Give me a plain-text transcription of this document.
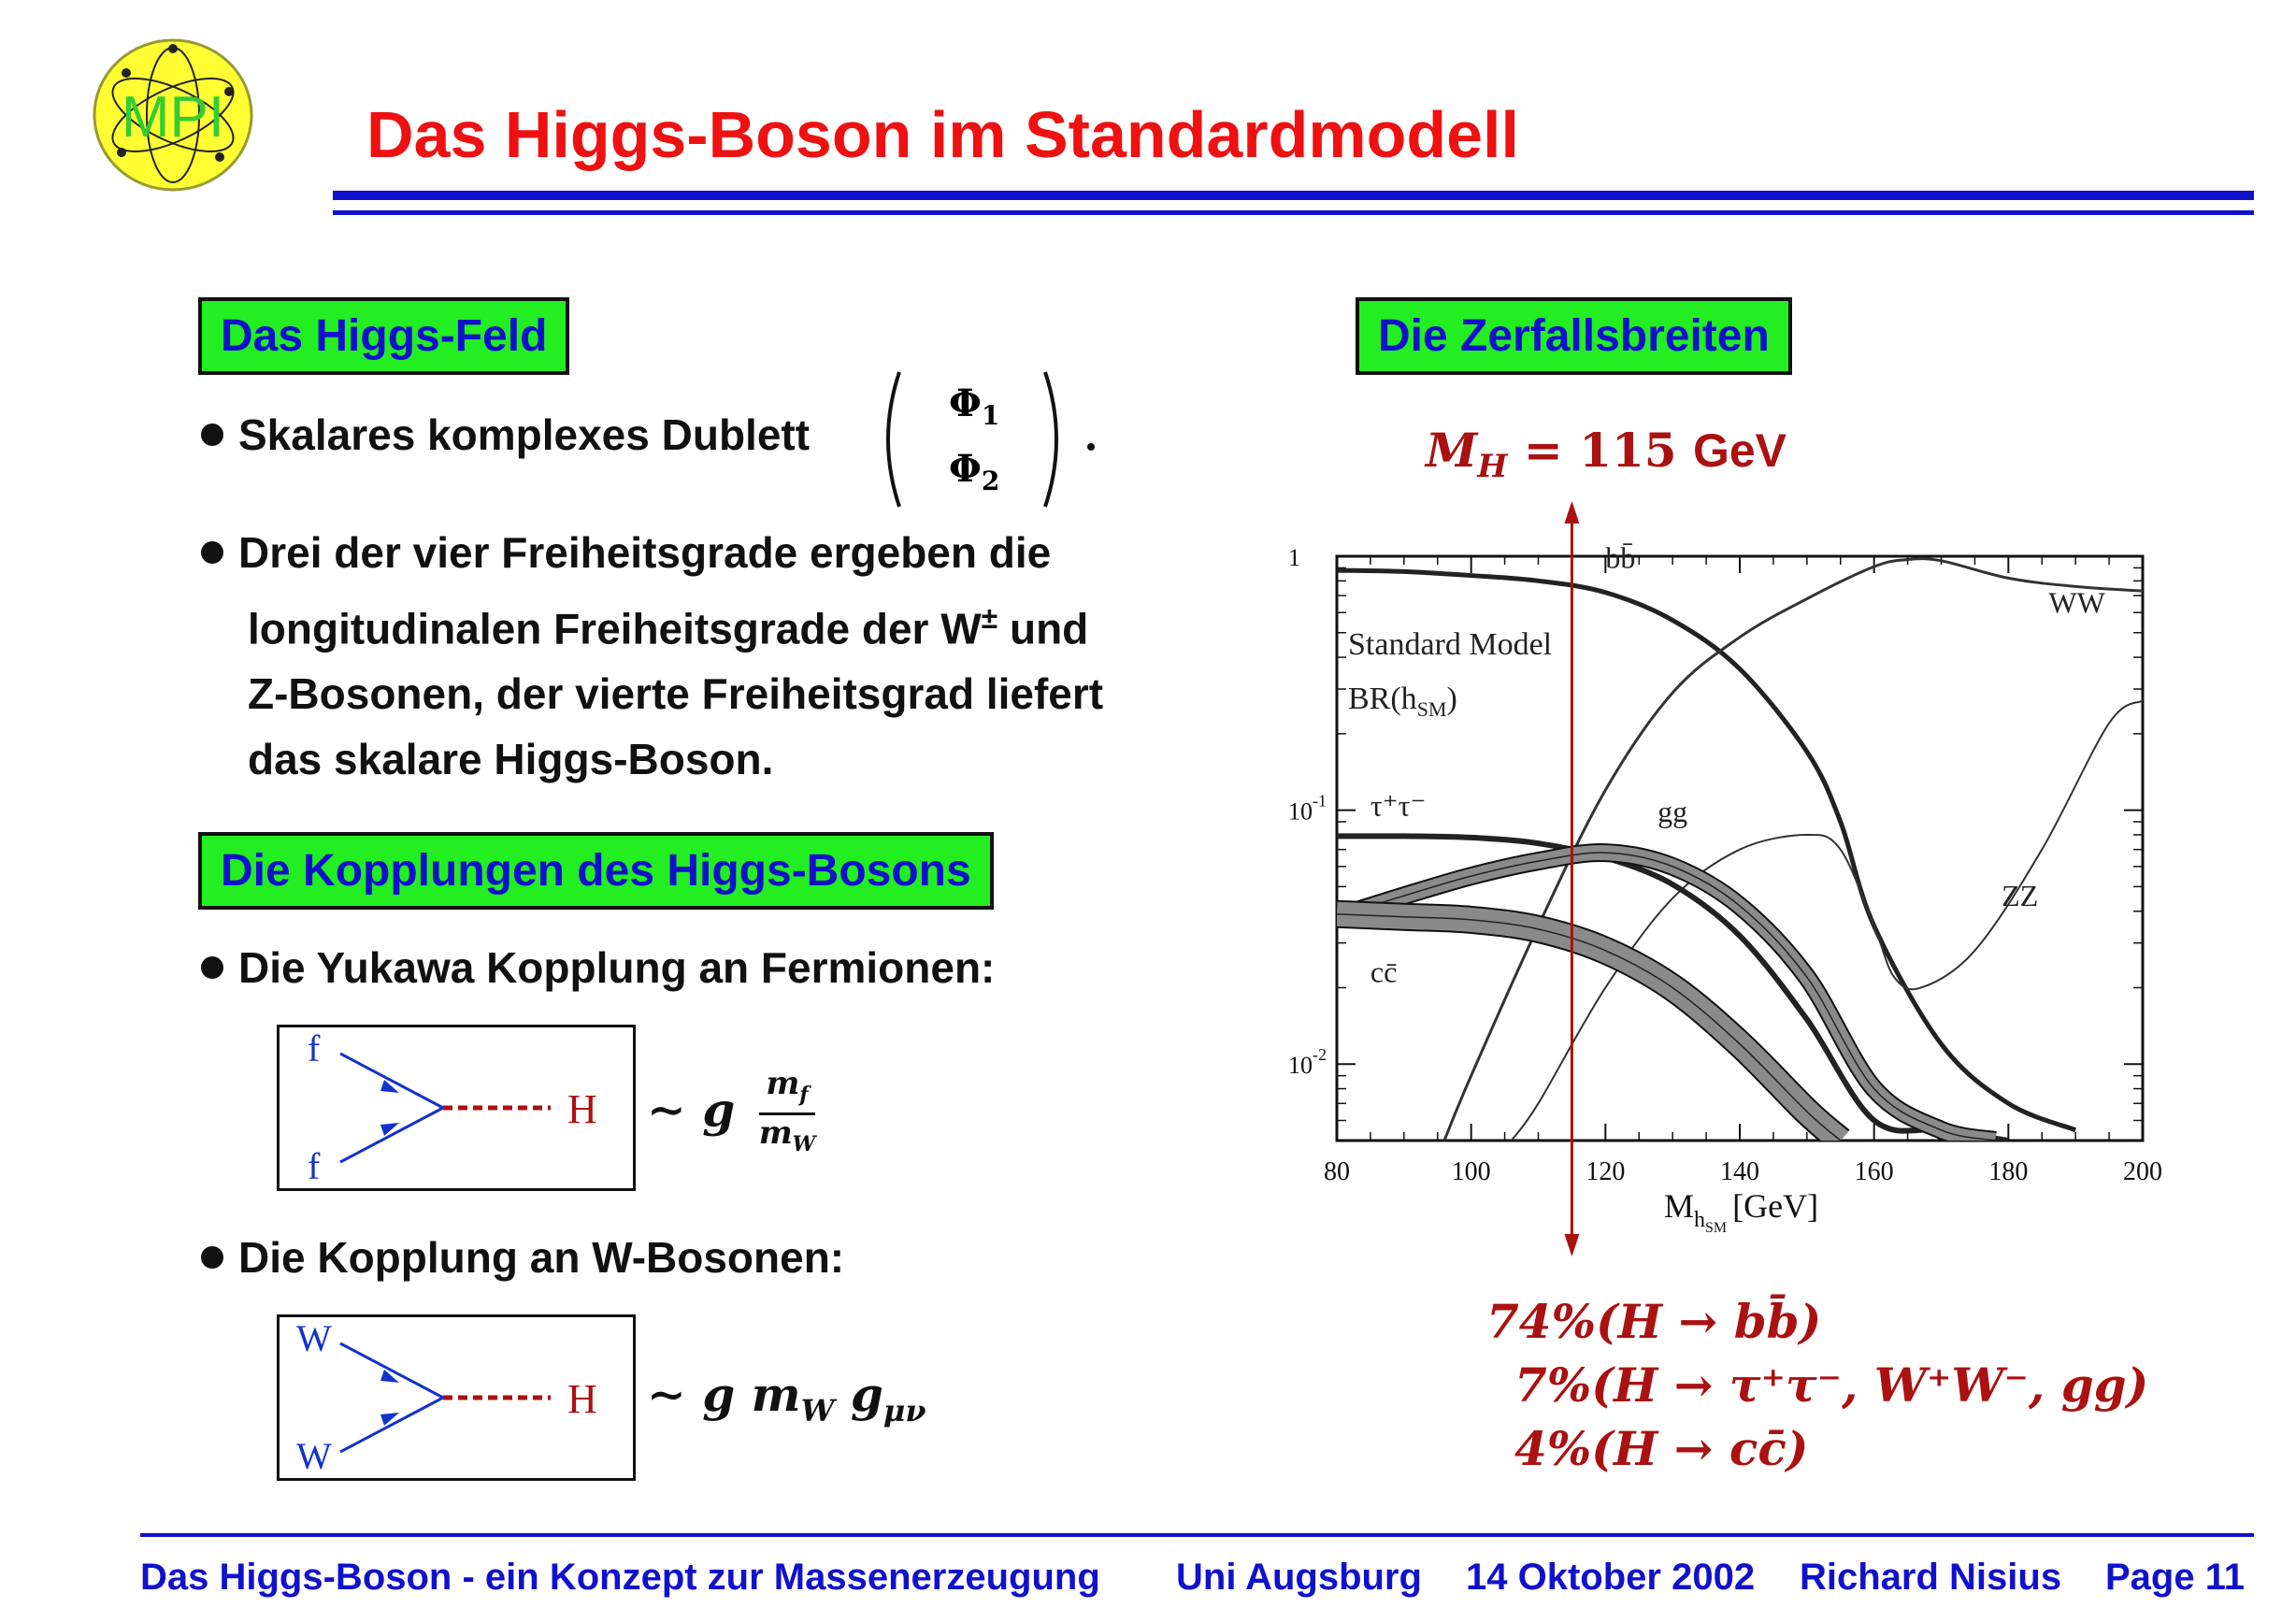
MPI Das Higgs-Boson im Standardmodell
Das Higgs-Feld
Skalares komplexes Dublett
$\Phi_1$
$\Phi_2$
Drei der vier Freiheitsgrade ergeben die
longitudinalen Freiheitsgrade der W± und
Z-Bosonen, der vierte Freiheitsgrad liefert
das skalare Higgs-Boson.
Die Kopplungen des Higgs-Bosons
Die Yukawa Kopplung an Fermionen:
f
f
H ∼ g $\frac{m_f}{m_W}$
Die Kopplung an W-Bosonen:
W
W
H ∼ g $m_W$ $g_{\mu\nu}$
Die Zerfallsbreiten
$M_H = 115$ GeV
80	100	120	140	160	180	200
1
$10^{-1}$
$10^{-2}$
Standard Model
$BR(h_{SM})$
$M_hSM[GeV]$
bb̄
WW
ZZ
τ⁺τ⁻	gg
cc̄
74%(H → bb̄)
7%(H → τ⁺τ⁻, W⁺W⁻, gg)
4%(H → cc̄)
Das Higgs-Boson - ein Konzept zur Massenerzeugung Uni Augsburg 14 Oktober 2002 Richard Nisius Page 11
